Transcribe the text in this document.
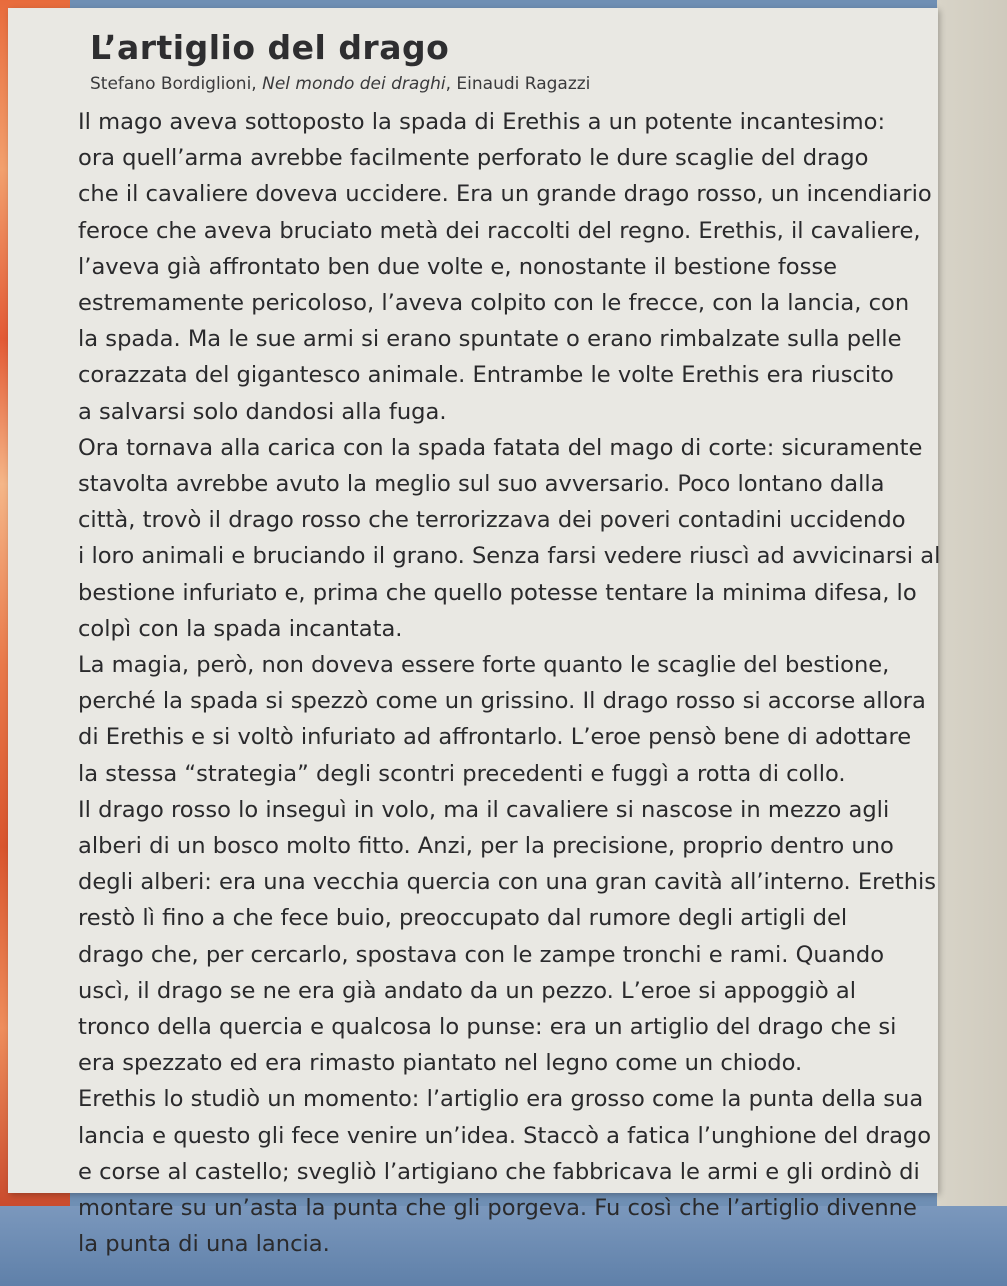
L’artiglio del drago
Stefano Bordiglioni, Nel mondo dei draghi, Einaudi Ragazzi
Il mago aveva sottoposto la spada di Erethis a un potente incantesimo:
ora quell’arma avrebbe facilmente perforato le dure scaglie del drago
che il cavaliere doveva uccidere. Era un grande drago rosso, un incendiario
feroce che aveva bruciato metà dei raccolti del regno. Erethis, il cavaliere,
l’aveva già affrontato ben due volte e, nonostante il bestione fosse
estremamente pericoloso, l’aveva colpito con le frecce, con la lancia, con
la spada. Ma le sue armi si erano spuntate o erano rimbalzate sulla pelle
corazzata del gigantesco animale. Entrambe le volte Erethis era riuscito
a salvarsi solo dandosi alla fuga.
Ora tornava alla carica con la spada fatata del mago di corte: sicuramente
stavolta avrebbe avuto la meglio sul suo avversario. Poco lontano dalla
città, trovò il drago rosso che terrorizzava dei poveri contadini uccidendo
i loro animali e bruciando il grano. Senza farsi vedere riuscì ad avvicinarsi al
bestione infuriato e, prima che quello potesse tentare la minima difesa, lo
colpì con la spada incantata.
La magia, però, non doveva essere forte quanto le scaglie del bestione,
perché la spada si spezzò come un grissino. Il drago rosso si accorse allora
di Erethis e si voltò infuriato ad affrontarlo. L’eroe pensò bene di adottare
la stessa “strategia” degli scontri precedenti e fuggì a rotta di collo.
Il drago rosso lo inseguì in volo, ma il cavaliere si nascose in mezzo agli
alberi di un bosco molto fitto. Anzi, per la precisione, proprio dentro uno
degli alberi: era una vecchia quercia con una gran cavità all’interno. Erethis
restò lì fino a che fece buio, preoccupato dal rumore degli artigli del
drago che, per cercarlo, spostava con le zampe tronchi e rami. Quando
uscì, il drago se ne era già andato da un pezzo. L’eroe si appoggiò al
tronco della quercia e qualcosa lo punse: era un artiglio del drago che si
era spezzato ed era rimasto piantato nel legno come un chiodo.
Erethis lo studiò un momento: l’artiglio era grosso come la punta della sua
lancia e questo gli fece venire un’idea. Staccò a fatica l’unghione del drago
e corse al castello; svegliò l’artigiano che fabbricava le armi e gli ordinò di
montare su un’asta la punta che gli porgeva. Fu così che l’artiglio divenne
la punta di una lancia.
